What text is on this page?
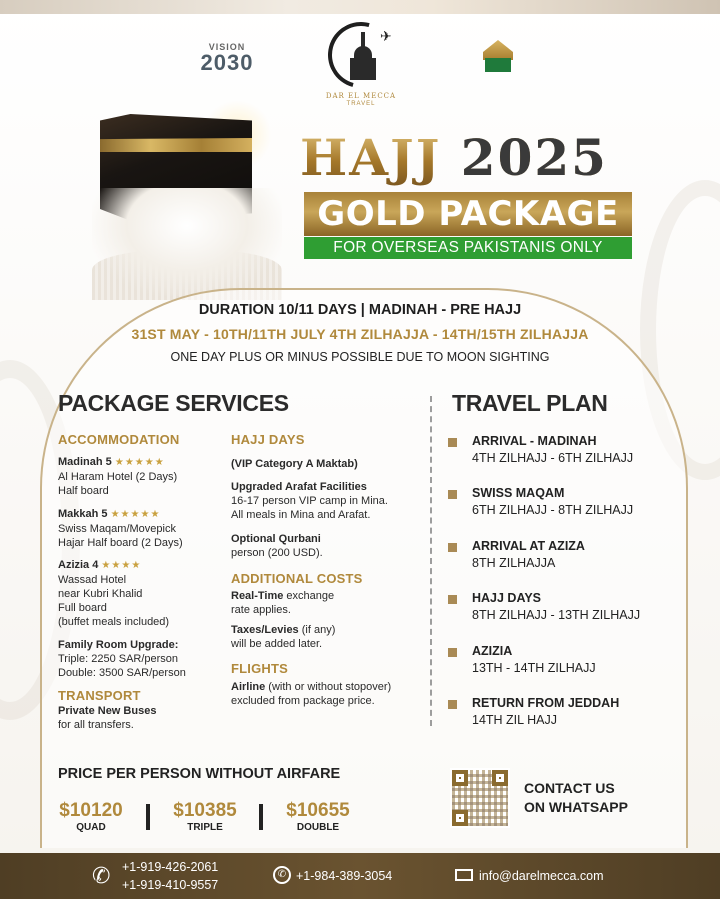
VISION
2030

✈
DAR EL MECCA
TRAVEL

HAJJ 2025
GOLD PACKAGE
FOR OVERSEAS PAKISTANIS ONLY
DURATION 10/11 DAYS | MADINAH - PRE HAJJ
31ST MAY - 10TH/11TH JULY 4TH ZILHAJJA - 14TH/15TH ZILHAJJA
ONE DAY PLUS OR MINUS POSSIBLE DUE TO MOON SIGHTING
PACKAGE SERVICES
ACCOMMODATION
Madinah 5 ★★★★★
Al Haram Hotel (2 Days)
Half board
Makkah 5 ★★★★★
Swiss Maqam/Movepick
Hajar Half board (2 Days)
Azizia 4 ★★★★
Wassad Hotel
near Kubri Khalid
Full board
(buffet meals included)
Family Room Upgrade:
Triple: 2250 SAR/person
Double: 3500 SAR/person
TRANSPORT
Private New Buses
for all transfers.
HAJJ DAYS
(VIP Category A Maktab)
Upgraded Arafat Facilities
16-17 person VIP camp in Mina.
All meals in Mina and Arafat.
Optional Qurbani
person (200 USD).
ADDITIONAL COSTS
Real-Time exchange
rate applies.
Taxes/Levies (if any)
will be added later.
FLIGHTS
Airline (with or without stopover)
excluded from package price.
TRAVEL PLAN
ARRIVAL - MADINAH
4TH ZILHAJJ - 6TH ZILHAJJ
SWISS MAQAM
6TH ZILHAJJ - 8TH ZILHAJJ
ARRIVAL AT AZIZA
8TH ZILHAJJA
HAJJ DAYS
8TH ZILHAJJ - 13TH ZILHAJJ
AZIZIA
13TH - 14TH ZILHAJJ
RETURN FROM JEDDAH
14TH ZIL HAJJ
PRICE PER PERSON WITHOUT AIRFARE
$10120
QUAD
$10385
TRIPLE
$10655
DOUBLE
CONTACT US
ON WHATSAPP
✆ +1-919-426-2061
+1-919-410-9557
✆ +1-984-389-3054	info@darelmecca.com
